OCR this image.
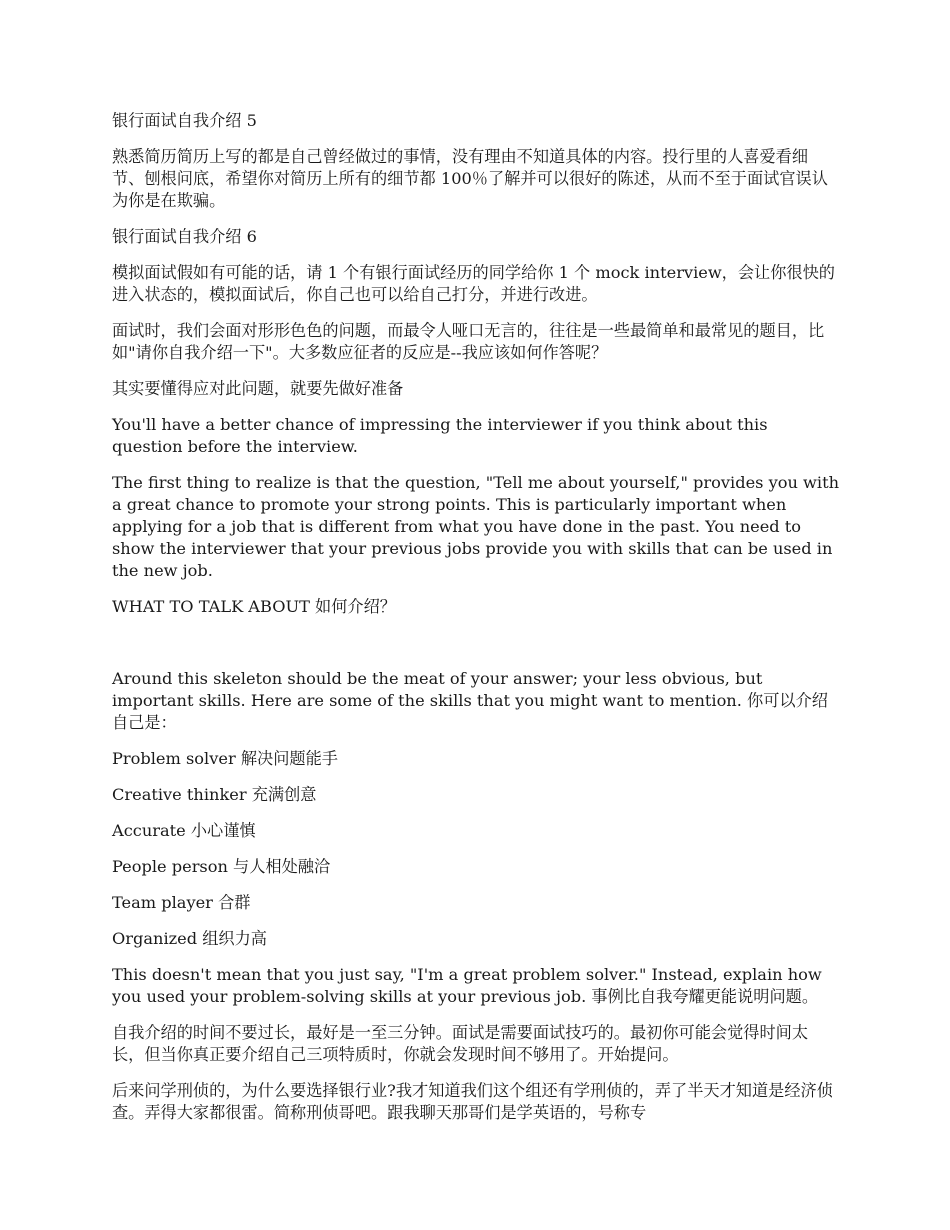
银行面试自我介绍 5

熟悉简历简历上写的都是自己曾经做过的事情，没有理由不知道具体的内容。投行里的人喜爱看细节、刨根问底，希望你对简历上所有的细节都 100％了解并可以很好的陈述，从而不至于面试官误认为你是在欺骗。

银行面试自我介绍 6

模拟面试假如有可能的话，请 1 个有银行面试经历的同学给你 1 个 mock interview，会让你很快的进入状态的，模拟面试后，你自己也可以给自己打分，并进行改进。

面试时，我们会面对形形色色的问题，而最令人哑口无言的，往往是一些最简单和最常见的题目，比如"请你自我介绍一下"。大多数应征者的反应是--我应该如何作答呢？

其实要懂得应对此问题，就要先做好准备

You'll have a better chance of impressing the interviewer if you think about this question before the interview.

The first thing to realize is that the question, "Tell me about yourself," provides you with a great chance to promote your strong points. This is particularly important when applying for a job that is different from what you have done in the past. You need to show the interviewer that your previous jobs provide you with skills that can be used in the new job.

WHAT TO TALK ABOUT 如何介绍？

Around this skeleton should be the meat of your answer; your less obvious, but important skills. Here are some of the skills that you might want to mention. 你可以介绍自己是：

Problem solver 解决问题能手

Creative thinker 充满创意

Accurate 小心谨慎

People person 与人相处融洽

Team player 合群

Organized 组织力高

This doesn't mean that you just say, "I'm a great problem solver." Instead, explain how you used your problem-solving skills at your previous job. 事例比自我夸耀更能说明问题。

自我介绍的时间不要过长，最好是一至三分钟。面试是需要面试技巧的。最初你可能会觉得时间太长，但当你真正要介绍自己三项特质时，你就会发现时间不够用了。开始提问。

后来问学刑侦的，为什么要选择银行业?我才知道我们这个组还有学刑侦的，弄了半天才知道是经济侦查。弄得大家都很雷。简称刑侦哥吧。跟我聊天那哥们是学英语的，号称专
